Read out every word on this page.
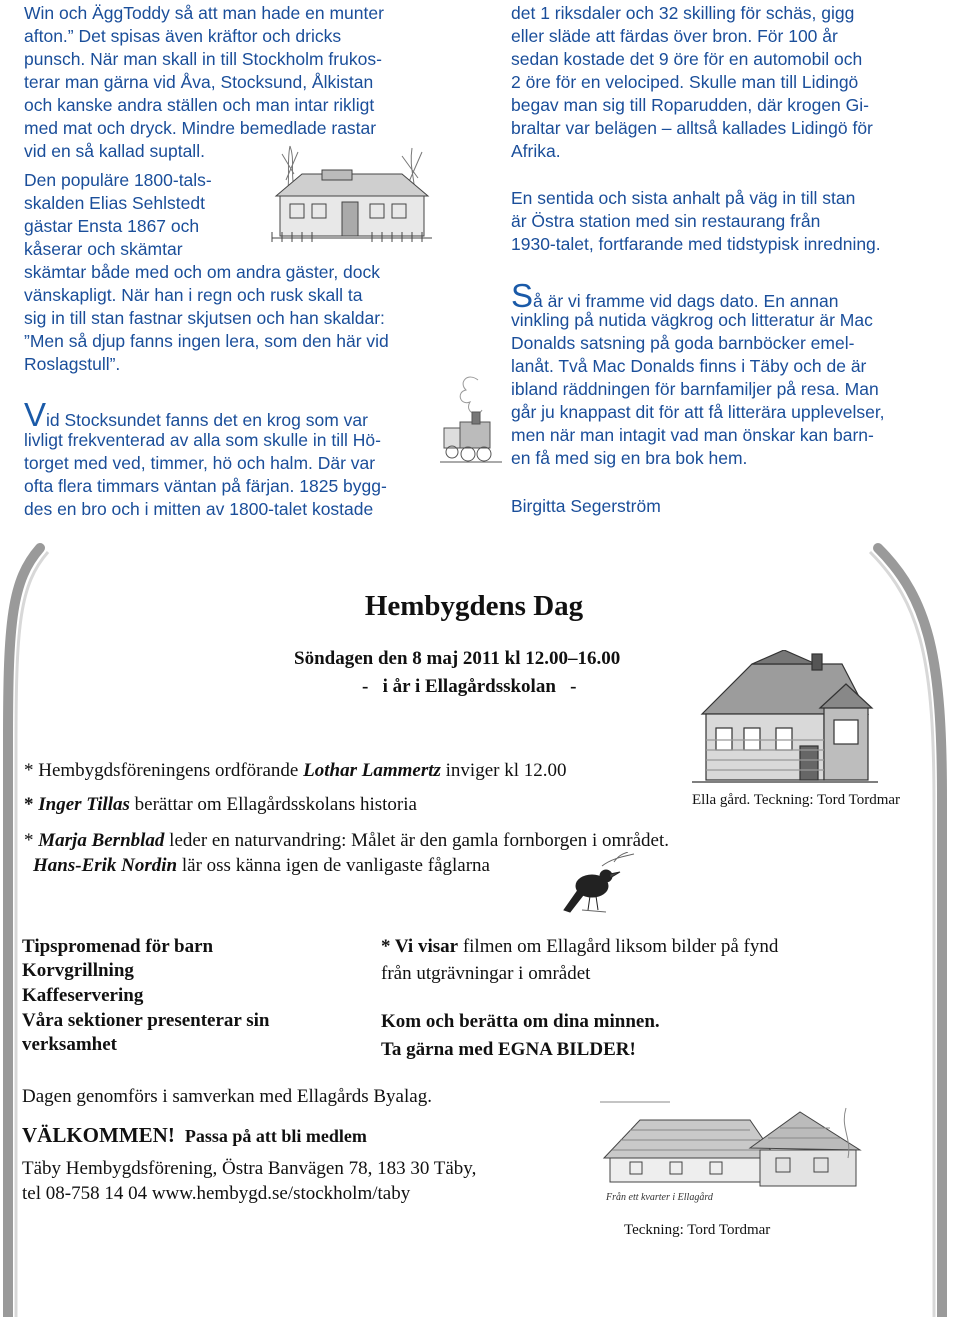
Win och ÄggToddy så att man hade en munter
afton.” Det spisas även kräftor och dricks
punsch. När man skall in till Stockholm frukos-
terar man gärna vid Åva, Stocksund, Ålkistan
och kanske andra ställen och man intar rikligt
med mat och dryck. Mindre bemedlade rastar
vid en så kallad suptall.
Den populäre 1800-tals-
skalden Elias Sehlstedt
gästar Ensta 1867 och
kåserar och skämtar
skämtar både med och om andra gäster, dock
vänskapligt. När han i regn och rusk skall ta
sig in till stan fastnar skjutsen och han skaldar:
”Men så djup fanns ingen lera, som den här vid
Roslagstull”.
Vid Stocksundet fanns det en krog som var
livligt frekventerad av alla som skulle in till Hö-
torget med ved, timmer, hö och halm. Där var
ofta flera timmars väntan på färjan. 1825 bygg-
des en bro och i mitten av 1800-talet kostade
det 1 riksdaler och 32 skilling för schäs, gigg
eller släde att färdas över bron. För 100 år
sedan kostade det 9 öre för en automobil och
2 öre för en velociped. Skulle man till Lidingö
begav man sig till Roparudden, där krogen Gi-
braltar var belägen – alltså kallades Lidingö för
Afrika.
En sentida och sista anhalt på väg in till stan
är Östra station med sin restaurang från
1930-talet, fortfarande med tidstypisk inredning.
Så är vi framme vid dags dato. En annan
vinkling på nutida vägkrog och litteratur är Mac
Donalds satsning på goda barnböcker emel-
lanåt. Två Mac Donalds finns i Täby och de är
ibland räddningen för barnfamiljer på resa. Man
går ju knappast dit för att få litterära upplevelser,
men när man intagit vad man önskar kan barn-
en få med sig en bra bok hem.
Birgitta Segerström
Hembygdens Dag
Söndagen den 8 maj 2011 kl 12.00–16.00
-   i år i Ellagårdsskolan   -
Ella gård. Teckning: Tord Tordmar
* Hembygdsföreningens ordförande Lothar Lammertz inviger kl 12.00
* Inger Tillas berättar om Ellagårdsskolans historia
* Marja Bernblad leder en naturvandring: Målet är den gamla fornborgen i området.
Hans-Erik Nordin lär oss känna igen de vanligaste fåglarna
Tipspromenad för barn
Korvgrillning
Kaffeservering
Våra sektioner presenterar sin
verksamhet
* Vi visar filmen om Ellagård liksom bilder på fynd
från utgrävningar i området
Kom och berätta om dina minnen.
Ta gärna med EGNA BILDER!
Dagen genomförs i samverkan med Ellagårds Byalag.
VÄLKOMMEN! Passa på att bli medlem
Täby Hembygdsförening, Östra Banvägen 78, 183 30 Täby,
tel 08-758 14 04 www.hembygd.se/stockholm/taby	Från ett kvarter i Ellagård
Teckning: Tord Tordmar
